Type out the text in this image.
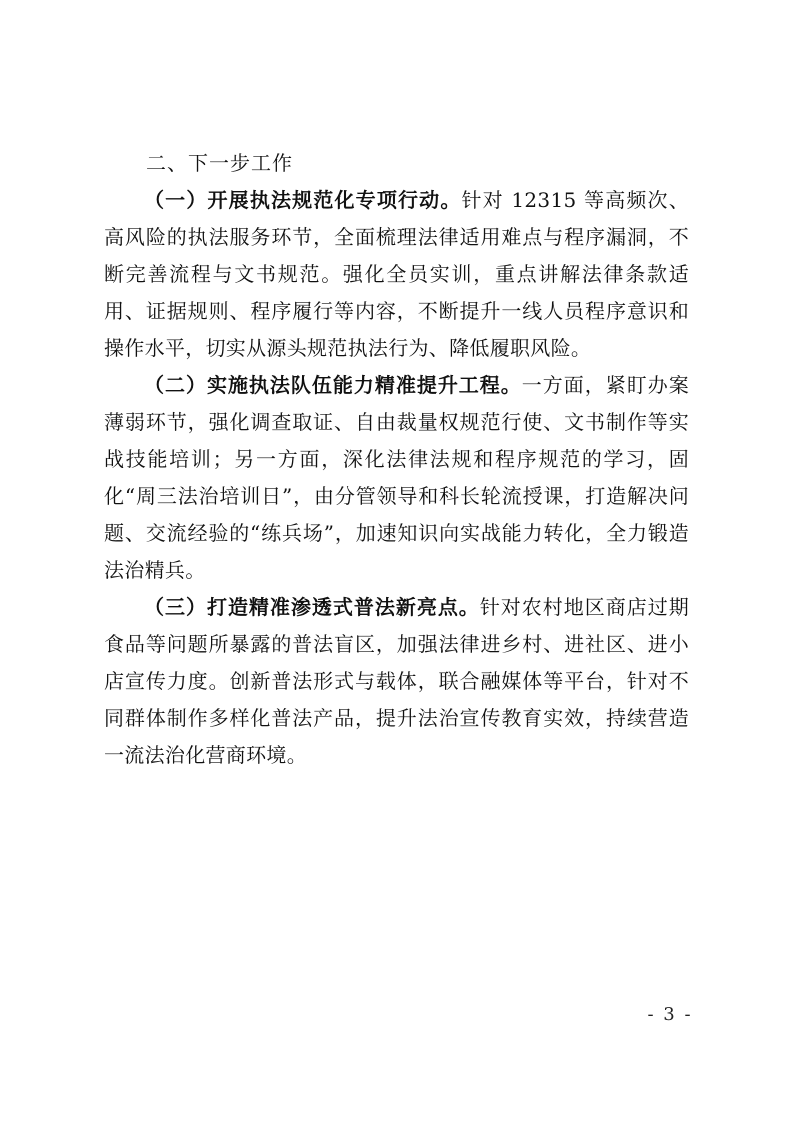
二、下一步工作

（一）开展执法规范化专项行动。针对 12315 等高频次、高风险的执法服务环节，全面梳理法律适用难点与程序漏洞，不断完善流程与文书规范。强化全员实训，重点讲解法律条款适用、证据规则、程序履行等内容，不断提升一线人员程序意识和操作水平，切实从源头规范执法行为、降低履职风险。

（二）实施执法队伍能力精准提升工程。一方面，紧盯办案薄弱环节，强化调查取证、自由裁量权规范行使、文书制作等实战技能培训；另一方面，深化法律法规和程序规范的学习，固化“周三法治培训日”，由分管领导和科长轮流授课，打造解决问题、交流经验的“练兵场”，加速知识向实战能力转化，全力锻造法治精兵。

（三）打造精准渗透式普法新亮点。针对农村地区商店过期食品等问题所暴露的普法盲区，加强法律进乡村、进社区、进小店宣传力度。创新普法形式与载体，联合融媒体等平台，针对不同群体制作多样化普法产品，提升法治宣传教育实效，持续营造一流法治化营商环境。

- 3 -
